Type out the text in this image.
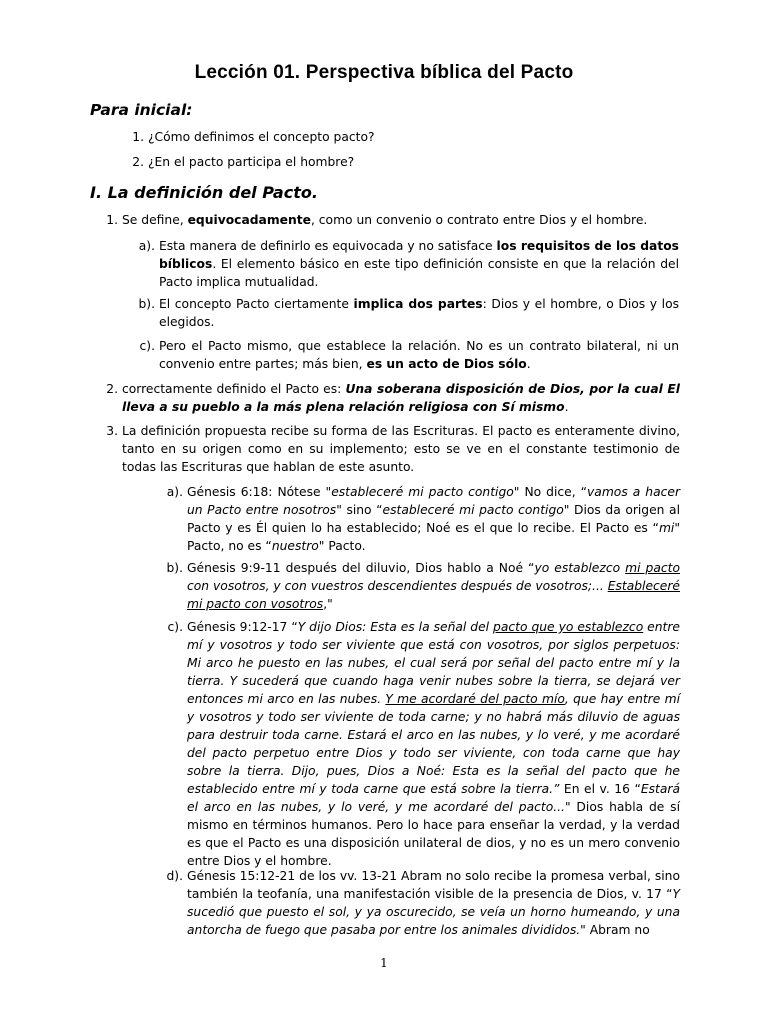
Lección 01. Perspectiva bíblica del Pacto
Para inicial:
1. ¿Cómo definimos el concepto pacto?
2. ¿En el pacto participa el hombre?
I. La definición del Pacto.
1. Se define, equivocadamente, como un convenio o contrato entre Dios y el hombre.
a). Esta manera de definirlo es equivocada y no satisface los requisitos de los datos bíblicos. El elemento básico en este tipo definición consiste en que la relación del Pacto implica mutualidad.
b). El concepto Pacto ciertamente implica dos partes: Dios y el hombre, o Dios y los elegidos.
c). Pero el Pacto mismo, que establece la relación. No es un contrato bilateral, ni un convenio entre partes; más bien, es un acto de Dios sólo.
2. correctamente definido el Pacto es: Una soberana disposición de Dios, por la cual El lleva a su pueblo a la más plena relación religiosa con Sí mismo.
3. La definición propuesta recibe su forma de las Escrituras. El pacto es enteramente divino, tanto en su origen como en su implemento; esto se ve en el constante testimonio de todas las Escrituras que hablan de este asunto.
a). Génesis 6:18: Nótese "estableceré mi pacto contigo" No dice, “vamos a hacer un Pacto entre nosotros" sino “estableceré mi pacto contigo" Dios da origen al Pacto y es Él quien lo ha establecido; Noé es el que lo recibe. El Pacto es “mi" Pacto, no es “nuestro" Pacto.
b). Génesis 9:9-11 después del diluvio, Dios hablo a Noé “yo establezco mi pacto con vosotros, y con vuestros descendientes después de vosotros;... Estableceré mi pacto con vosotros,"
c). Génesis 9:12-17 “Y dijo Dios: Esta es la señal del pacto que yo establezco entre mí y vosotros y todo ser viviente que está con vosotros, por siglos perpetuos: Mi arco he puesto en las nubes, el cual será por señal del pacto entre mí y la tierra. Y sucederá que cuando haga venir nubes sobre la tierra, se dejará ver entonces mi arco en las nubes. Y me acordaré del pacto mío, que hay entre mí y vosotros y todo ser viviente de toda carne; y no habrá más diluvio de aguas para destruir toda carne. Estará el arco en las nubes, y lo veré, y me acordaré del pacto perpetuo entre Dios y todo ser viviente, con toda carne que hay sobre la tierra. Dijo, pues, Dios a Noé: Esta es la señal del pacto que he establecido entre mí y toda carne que está sobre la tierra.” En el v. 16 “Estará el arco en las nubes, y lo veré, y me acordaré del pacto..." Dios habla de sí mismo en términos humanos. Pero lo hace para enseñar la verdad, y la verdad es que el Pacto es una disposición unilateral de dios, y no es un mero convenio entre Dios y el hombre.
d). Génesis 15:12-21 de los vv. 13-21 Abram no solo recibe la promesa verbal, sino también la teofanía, una manifestación visible de la presencia de Dios, v. 17 “Y sucedió que puesto el sol, y ya oscurecido, se veía un horno humeando, y una antorcha de fuego que pasaba por entre los animales divididos." Abram no
1
